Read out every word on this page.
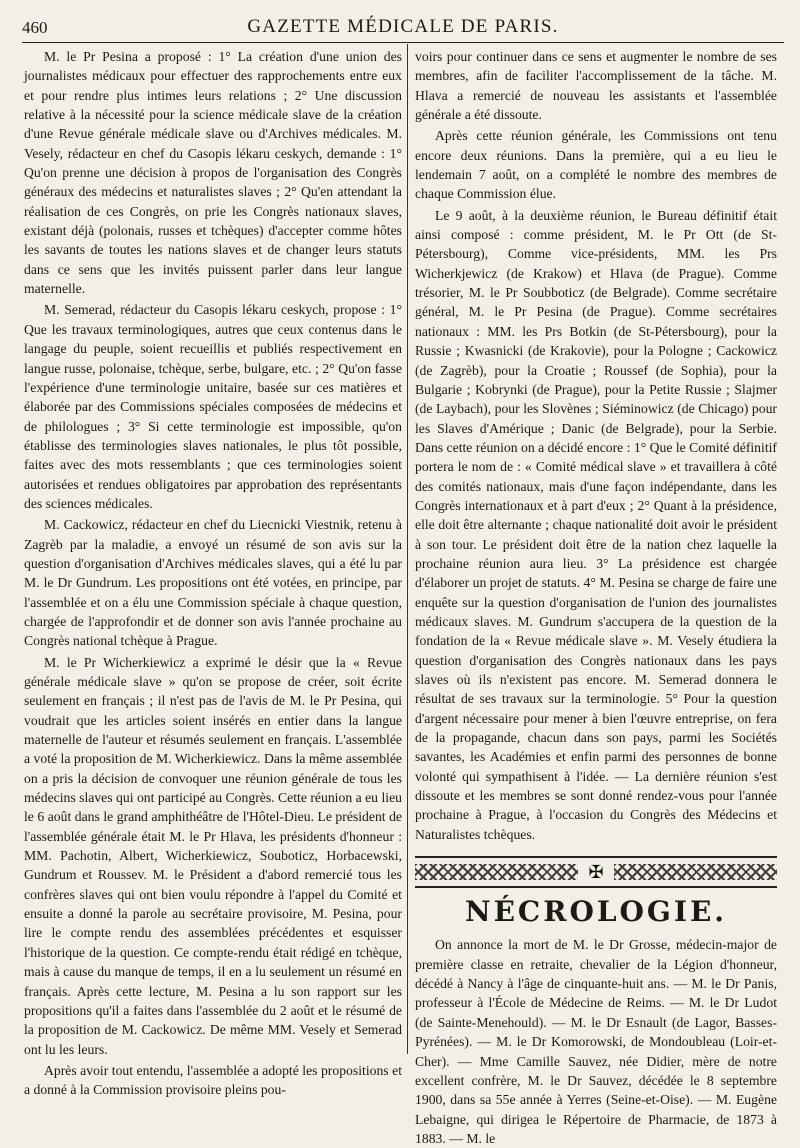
460	GAZETTE MÉDICALE DE PARIS.

M. le Pr Pesina a proposé : 1° La création d'une union des journalistes médicaux pour effectuer des rapprochements entre eux et pour rendre plus intimes leurs relations ; 2° Une discussion relative à la nécessité pour la science médicale slave de la création d'une Revue générale médicale slave ou d'Archives médicales. M. Vesely, rédacteur en chef du Casopis lékaru ceskych, demande : 1° Qu'on prenne une décision à propos de l'organisation des Congrès généraux des médecins et naturalistes slaves ; 2° Qu'en attendant la réalisation de ces Congrès, on prie les Congrès nationaux slaves, existant déjà (polonais, russes et tchèques) d'accepter comme hôtes les savants de toutes les nations slaves et de changer leurs statuts dans ce sens que les invités puissent parler dans leur langue maternelle.

M. Semerad, rédacteur du Casopis lékaru ceskych, propose : 1° Que les travaux terminologiques, autres que ceux contenus dans le langage du peuple, soient recueillis et publiés respectivement en langue russe, polonaise, tchèque, serbe, bulgare, etc. ; 2° Qu'on fasse l'expérience d'une terminologie unitaire, basée sur ces matières et élaborée par des Commissions spéciales composées de médecins et de philologues ; 3° Si cette terminologie est impossible, qu'on établisse des terminologies slaves nationales, le plus tôt possible, faites avec des mots ressemblants ; que ces terminologies soient autorisées et rendues obligatoires par approbation des représentants des sciences médicales.

M. Cackowicz, rédacteur en chef du Liecnicki Viestnik, retenu à Zagrèb par la maladie, a envoyé un résumé de son avis sur la question d'organisation d'Archives médicales slaves, qui a été lu par M. le Dr Gundrum. Les propositions ont été votées, en principe, par l'assemblée et on a élu une Commission spéciale à chaque question, chargée de l'approfondir et de donner son avis l'année prochaine au Congrès national tchèque à Prague.

M. le Pr Wicherkiewicz a exprimé le désir que la « Revue générale médicale slave » qu'on se propose de créer, soit écrite seulement en français ; il n'est pas de l'avis de M. le Pr Pesina, qui voudrait que les articles soient insérés en entier dans la langue maternelle de l'auteur et résumés seulement en français. L'assemblée a voté la proposition de M. Wicherkiewicz. Dans la même assemblée on a pris la décision de convoquer une réunion générale de tous les médecins slaves qui ont participé au Congrès. Cette réunion a eu lieu le 6 août dans le grand amphithéâtre de l'Hôtel-Dieu. Le président de l'assemblée générale était M. le Pr Hlava, les présidents d'honneur : MM. Pachotin, Albert, Wicherkiewicz, Souboticz, Horbacewski, Gundrum et Roussev. M. le Président a d'abord remercié tous les confrères slaves qui ont bien voulu répondre à l'appel du Comité et ensuite a donné la parole au secrétaire provisoire, M. Pesina, pour lire le compte rendu des assemblées précédentes et esquisser l'historique de la question. Ce compte-rendu était rédigé en tchèque, mais à cause du manque de temps, il en a lu seulement un résumé en français. Après cette lecture, M. Pesina a lu son rapport sur les propositions qu'il a faites dans l'assemblée du 2 août et le résumé de la proposition de M. Cackowicz. De même MM. Vesely et Semerad ont lu les leurs.

Après avoir tout entendu, l'assemblée a adopté les propositions et a donné à la Commission provisoire pleins pou-

voirs pour continuer dans ce sens et augmenter le nombre de ses membres, afin de faciliter l'accomplissement de la tâche. M. Hlava a remercié de nouveau les assistants et l'assemblée générale a été dissoute.

Après cette réunion générale, les Commissions ont tenu encore deux réunions. Dans la première, qui a eu lieu le lendemain 7 août, on a complété le nombre des membres de chaque Commission élue.

Le 9 août, à la deuxième réunion, le Bureau définitif était ainsi composé : comme président, M. le Pr Ott (de St-Pétersbourg), Comme vice-présidents, MM. les Prs Wicherkjewicz (de Krakow) et Hlava (de Prague). Comme trésorier, M. le Pr Soubboticz (de Belgrade). Comme secrétaire général, M. le Pr Pesina (de Prague). Comme secrétaires nationaux : MM. les Prs Botkin (de St-Pétersbourg), pour la Russie ; Kwasnicki (de Krakovie), pour la Pologne ; Cackowicz (de Zagrèb), pour la Croatie ; Roussef (de Sophia), pour la Bulgarie ; Kobrynki (de Prague), pour la Petite Russie ; Slajmer (de Laybach), pour les Slovènes ; Siéminowicz (de Chicago) pour les Slaves d'Amérique ; Danic (de Belgrade), pour la Serbie. Dans cette réunion on a décidé encore : 1° Que le Comité définitif portera le nom de : « Comité médical slave » et travaillera à côté des comités nationaux, mais d'une façon indépendante, dans les Congrès internationaux et à part d'eux ; 2° Quant à la présidence, elle doit être alternante ; chaque nationalité doit avoir le président à son tour. Le président doit être de la nation chez laquelle la prochaine réunion aura lieu. 3° La présidence est chargée d'élaborer un projet de statuts. 4° M. Pesina se charge de faire une enquête sur la question d'organisation de l'union des journalistes médicaux slaves. M. Gundrum s'accupera de la question de la fondation de la « Revue médicale slave ». M. Vesely étudiera la question d'organisation des Congrès nationaux dans les pays slaves où ils n'existent pas encore. M. Semerad donnera le résultat de ses travaux sur la terminologie. 5° Pour la question d'argent nécessaire pour mener à bien l'œuvre entreprise, on fera de la propagande, chacun dans son pays, parmi les Sociétés savantes, les Académies et enfin parmi des personnes de bonne volonté qui sympathisent à l'idée. — La dernière réunion s'est dissoute et les membres se sont donné rendez-vous pour l'année prochaine à Prague, à l'occasion du Congrès des Médecins et Naturalistes tchèques.

✠
NÉCROLOGIE.

On annonce la mort de M. le Dr Grosse, médecin-major de première classe en retraite, chevalier de la Légion d'honneur, décédé à Nancy à l'âge de cinquante-huit ans. — M. le Dr Panis, professeur à l'École de Médecine de Reims. — M. le Dr Ludot (de Sainte-Menehould). — M. le Dr Esnault (de Lagor, Basses-Pyrénées). — M. le Dr Komorowski, de Mondoubleau (Loir-et-Cher). — Mme Camille Sauvez, née Didier, mère de notre excellent confrère, M. le Dr Sauvez, décédée le 8 septembre 1900, dans sa 55e année à Yerres (Seine-et-Oise). — M. Eugène Lebaigne, qui dirigea le Répertoire de Pharmacie, de 1873 à 1883. — M. le
